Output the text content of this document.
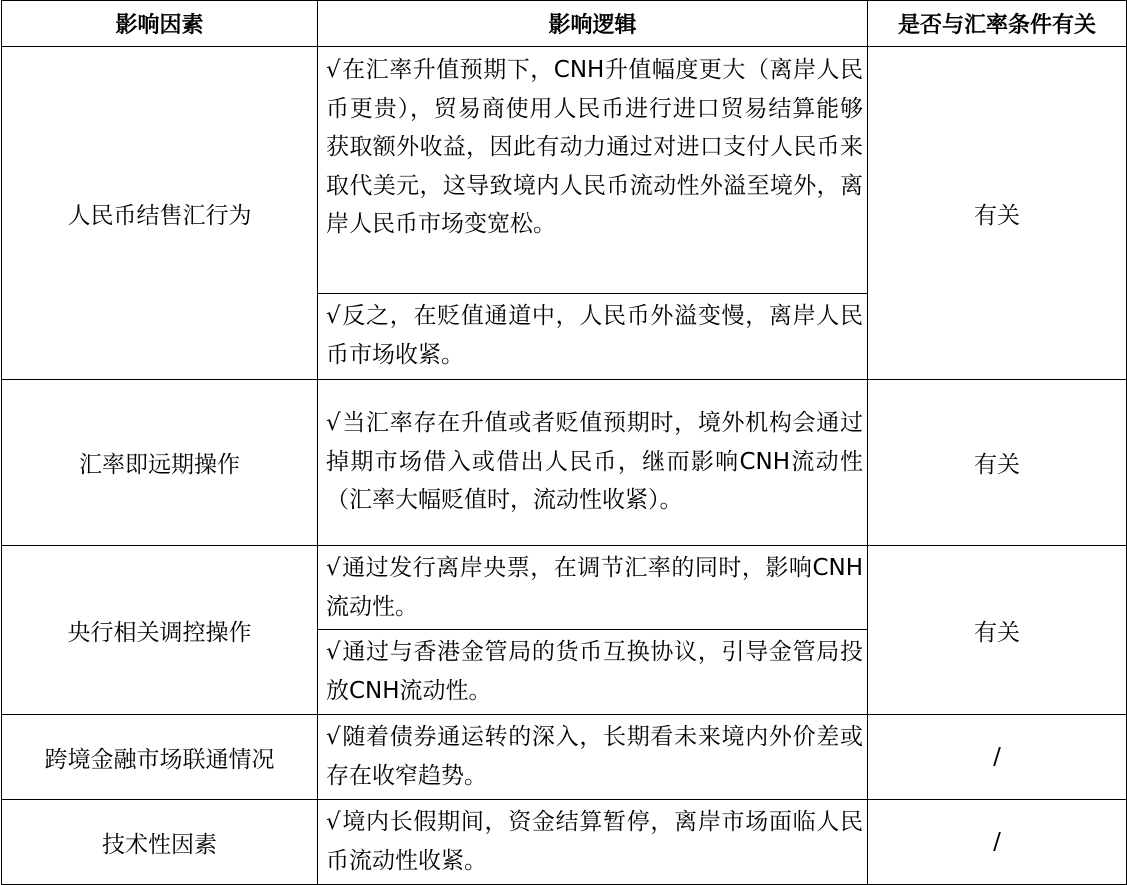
影响因素	影响逻辑	是否与汇率条件有关
人民币结售汇行为	√在汇率升值预期下，CNH升值幅度更大（离岸人民币更贵），贸易商使用人民币进行进口贸易结算能够获取额外收益，因此有动力通过对进口支付人民币来取代美元，这导致境内人民币流动性外溢至境外，离岸人民币市场变宽松。
√反之，在贬值通道中，人民币外溢变慢，离岸人民币市场收紧。	有关
汇率即远期操作	√当汇率存在升值或者贬值预期时，境外机构会通过掉期市场借入或借出人民币，继而影响CNH流动性（汇率大幅贬值时，流动性收紧）。	有关
央行相关调控操作	√通过发行离岸央票，在调节汇率的同时，影响CNH流动性。
√通过与香港金管局的货币互换协议，引导金管局投放CNH流动性。	有关
跨境金融市场联通情况	√随着债券通运转的深入，长期看未来境内外价差或存在收窄趋势。	/
技术性因素	√境内长假期间，资金结算暂停，离岸市场面临人民币流动性收紧。	/
